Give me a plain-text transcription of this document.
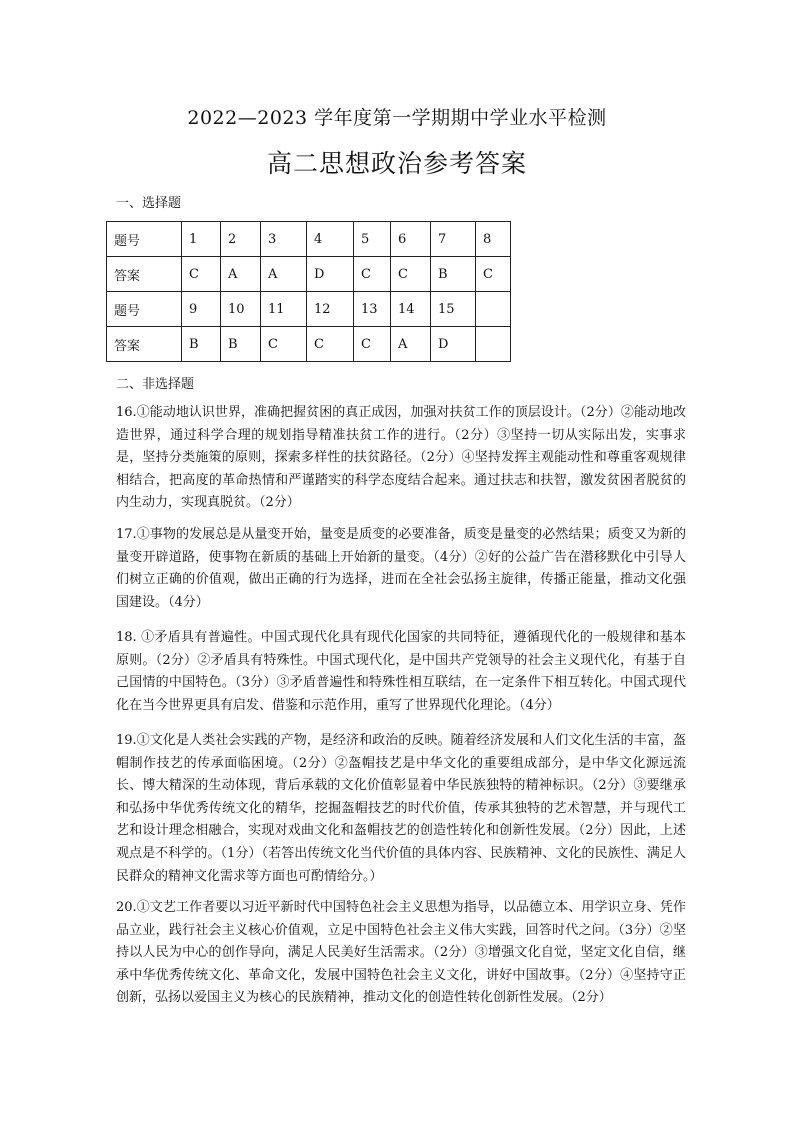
2022—2023 学年度第一学期期中学业水平检测
高二思想政治参考答案
一、选择题
题号	1	2	3	4	5	6	7	8
答案	C	A	A	D	C	C	B	C
题号	9	10	11	12	13	14	15	
答案	B	B	C	C	C	A	D	
二、非选择题

16.①能动地认识世界，准确把握贫困的真正成因，加强对扶贫工作的顶层设计。（2分）②能动地改造世界，通过科学合理的规划指导精准扶贫工作的进行。（2分）③坚持一切从实际出发，实事求是，坚持分类施策的原则，探索多样性的扶贫路径。（2分）④坚持发挥主观能动性和尊重客观规律相结合，把高度的革命热情和严谨踏实的科学态度结合起来。通过扶志和扶智，激发贫困者脱贫的内生动力，实现真脱贫。（2分）

17.①事物的发展总是从量变开始，量变是质变的必要准备，质变是量变的必然结果；质变又为新的量变开辟道路，使事物在新质的基础上开始新的量变。（4分）②好的公益广告在潜移默化中引导人们树立正确的价值观，做出正确的行为选择，进而在全社会弘扬主旋律，传播正能量，推动文化强国建设。（4分）

18. ①矛盾具有普遍性。中国式现代化具有现代化国家的共同特征，遵循现代化的一般规律和基本原则。（2分）②矛盾具有特殊性。中国式现代化，是中国共产党领导的社会主义现代化，有基于自己国情的中国特色。（3分）③矛盾普遍性和特殊性相互联结，在一定条件下相互转化。中国式现代化在当今世界更具有启发、借鉴和示范作用，重写了世界现代化理论。（4分）

19.①文化是人类社会实践的产物，是经济和政治的反映。随着经济发展和人们文化生活的丰富，盔帽制作技艺的传承面临困境。（2分）②盔帽技艺是中华文化的重要组成部分，是中华文化源远流长、博大精深的生动体现，背后承载的文化价值彰显着中华民族独特的精神标识。（2分）③要继承和弘扬中华优秀传统文化的精华，挖掘盔帽技艺的时代价值，传承其独特的艺术智慧，并与现代工艺和设计理念相融合，实现对戏曲文化和盔帽技艺的创造性转化和创新性发展。（2分）因此，上述观点是不科学的。（1分）（若答出传统文化当代价值的具体内容、民族精神、文化的民族性、满足人民群众的精神文化需求等方面也可酌情给分。）

20.①文艺工作者要以习近平新时代中国特色社会主义思想为指导，以品德立本、用学识立身、凭作品立业，践行社会主义核心价值观，立足中国特色社会主义伟大实践，回答时代之问。（3分）②坚持以人民为中心的创作导向，满足人民美好生活需求。（2分）③增强文化自觉，坚定文化自信，继承中华优秀传统文化、革命文化，发展中国特色社会主义文化，讲好中国故事。（2分）④坚持守正创新，弘扬以爱国主义为核心的民族精神，推动文化的创造性转化创新性发展。（2分）
